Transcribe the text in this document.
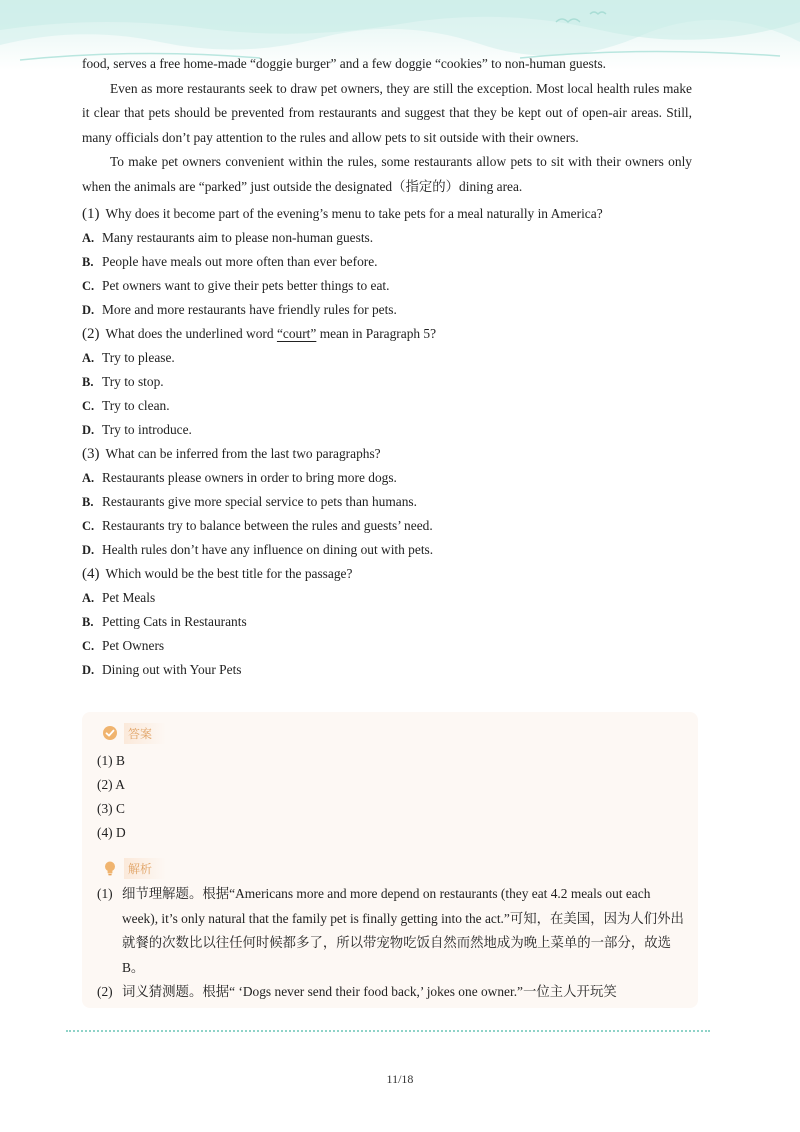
food, serves a free home-made “doggie burger” and a few doggie “cookies” to non-human guests.

Even as more restaurants seek to draw pet owners, they are still the exception. Most local health rules make it clear that pets should be prevented from restaurants and suggest that they be kept out of open-air areas. Still, many officials don’t pay attention to the rules and allow pets to sit outside with their owners.

To make pet owners convenient within the rules, some restaurants allow pets to sit with their owners only when the animals are “parked” just outside the designated（指定的）dining area.

(1) Why does it become part of the evening’s menu to take pets for a meal naturally in America?
A. Many restaurants aim to please non-human guests.
B. People have meals out more often than ever before.
C. Pet owners want to give their pets better things to eat.
D. More and more restaurants have friendly rules for pets.
(2) What does the underlined word “court” mean in Paragraph 5?
A. Try to please.
B. Try to stop.
C. Try to clean.
D. Try to introduce.
(3) What can be inferred from the last two paragraphs?
A. Restaurants please owners in order to bring more dogs.
B. Restaurants give more special service to pets than humans.
C. Restaurants try to balance between the rules and guests’ need.
D. Health rules don’t have any influence on dining out with pets.
(4) Which would be the best title for the passage?
A. Pet Meals
B. Petting Cats in Restaurants
C. Pet Owners
D. Dining out with Your Pets
答案
(1) B
(2) A
(3) C
(4) D
解析
(1) 细节理解题。根据“Americans more and more depend on restaurants (they eat 4.2 meals out each week), it’s only natural that the family pet is finally getting into the act.”可知，在美国，因为人们外出就餐的次数比以往任何时候都多了，所以带宠物吃饭自然而然地成为晚上菜单的一部分，故选B。
(2) 词义猜测题。根据“ ‘Dogs never send their food back,’ jokes one owner.”一位主人开玩笑
11/18
